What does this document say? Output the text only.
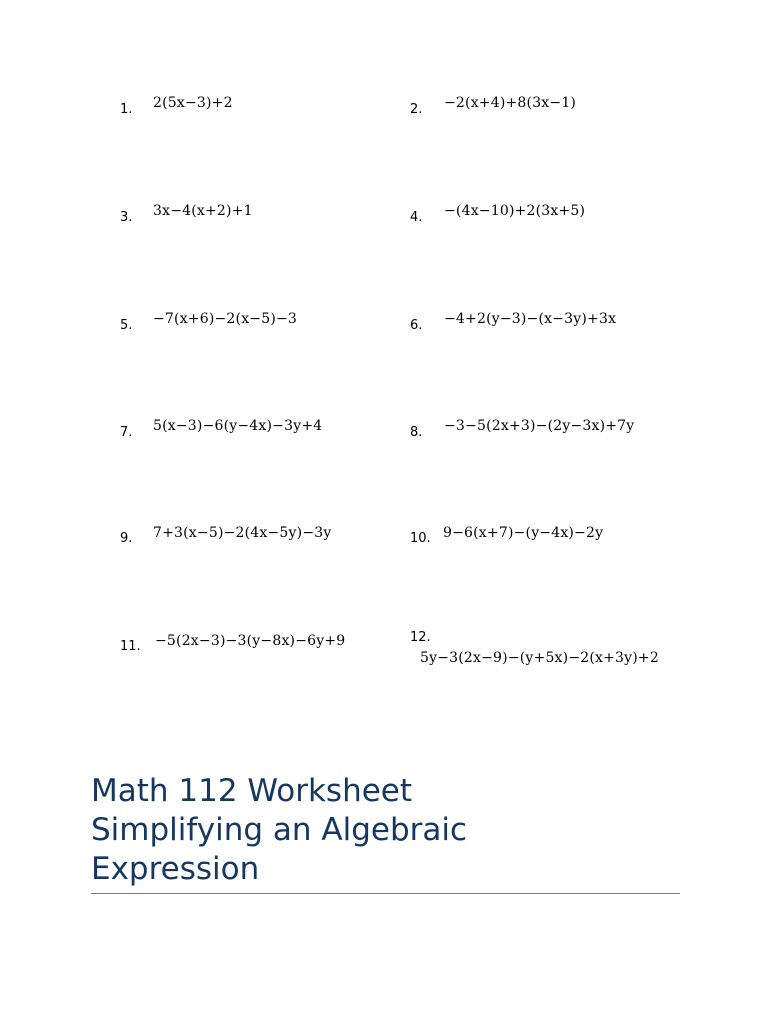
1. 2(5x−3)+2	2. −2(x+4)+8(3x−1)
3. 3x−4(x+2)+1	4. −(4x−10)+2(3x+5)
5. −7(x+6)−2(x−5)−3	6. −4+2(y−3)−(x−3y)+3x
7. 5(x−3)−6(y−4x)−3y+4	8. −3−5(2x+3)−(2y−3x)+7y
9. 7+3(x−5)−2(4x−5y)−3y	10. 9−6(x+7)−(y−4x)−2y
11. −5(2x−3)−3(y−8x)−6y+9	12.
5y−3(2x−9)−(y+5x)−2(x+3y)+2
Math 112 Worksheet
Simplifying an Algebraic
Expression
